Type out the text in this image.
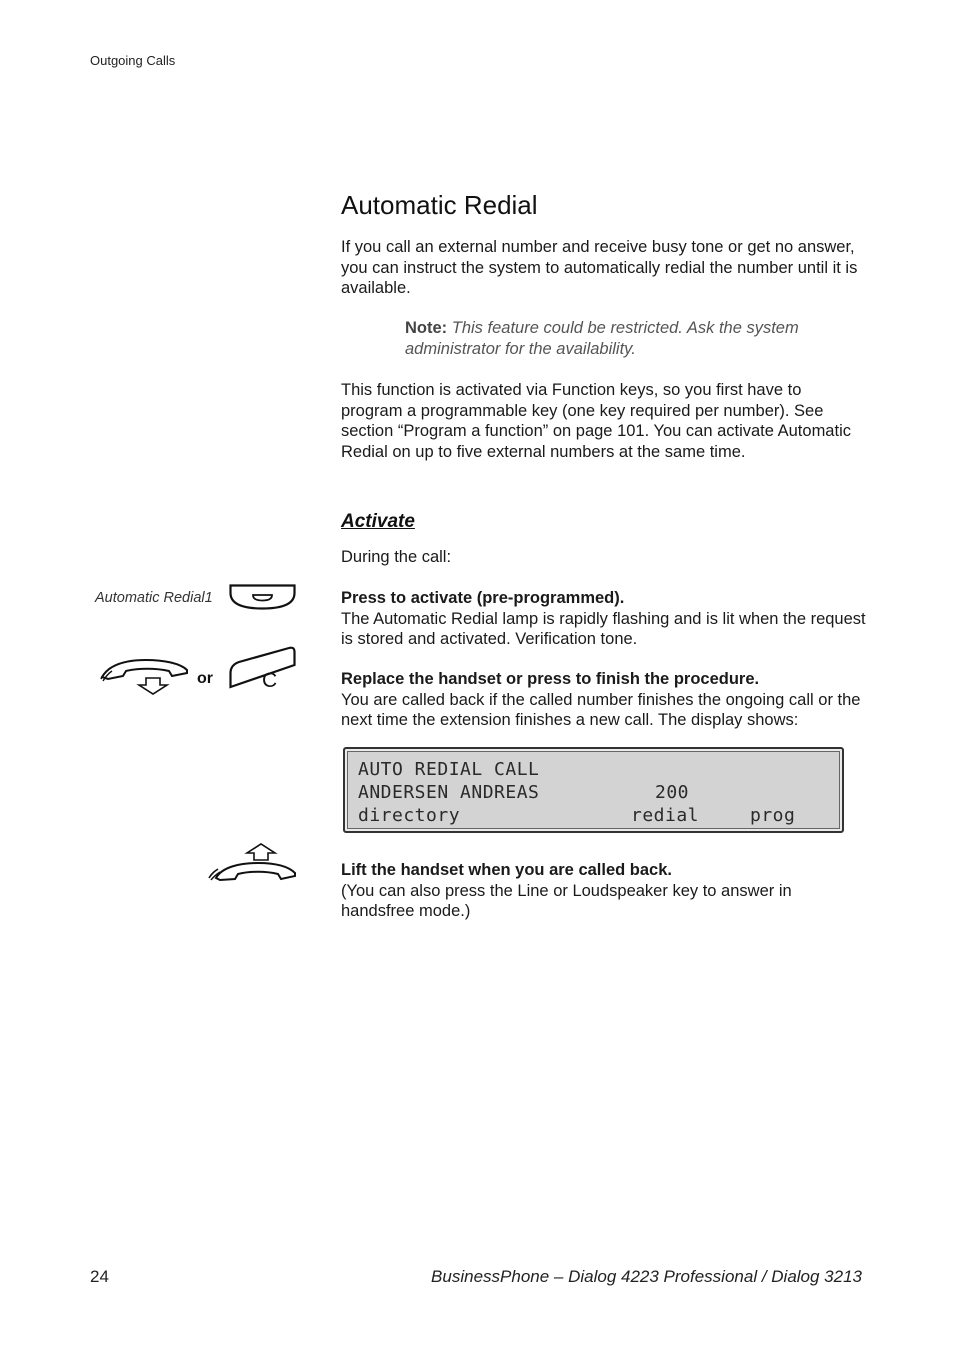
Outgoing Calls
Automatic Redial

If you call an external number and receive busy tone or get no answer, you can instruct the system to automatically redial the number until it is available.

Note: This feature could be restricted. Ask the system administrator for the availability.

This function is activated via Function keys, so you first have to program a programmable key (one key required per number). See section “Program a function” on page 101. You can activate Automatic Redial on up to five external numbers at the same time.

Activate

During the call:

Automatic Redial1	Press to activate (pre-programmed).
The Automatic Redial lamp is rapidly flashing and is lit when the request is stored and activated. Verification tone.

or C	Replace the handset or press to finish the procedure.
You are called back if the called number finishes the ongoing call or the next time the extension finishes a new call. The display shows:

AUTO REDIAL CALL
ANDERSEN ANDREAS	200
directory	redial	prog

Lift the handset when you are called back.
(You can also press the Line or Loudspeaker key to answer in handsfree mode.)

24	BusinessPhone – Dialog 4223 Professional / Dialog 3213
